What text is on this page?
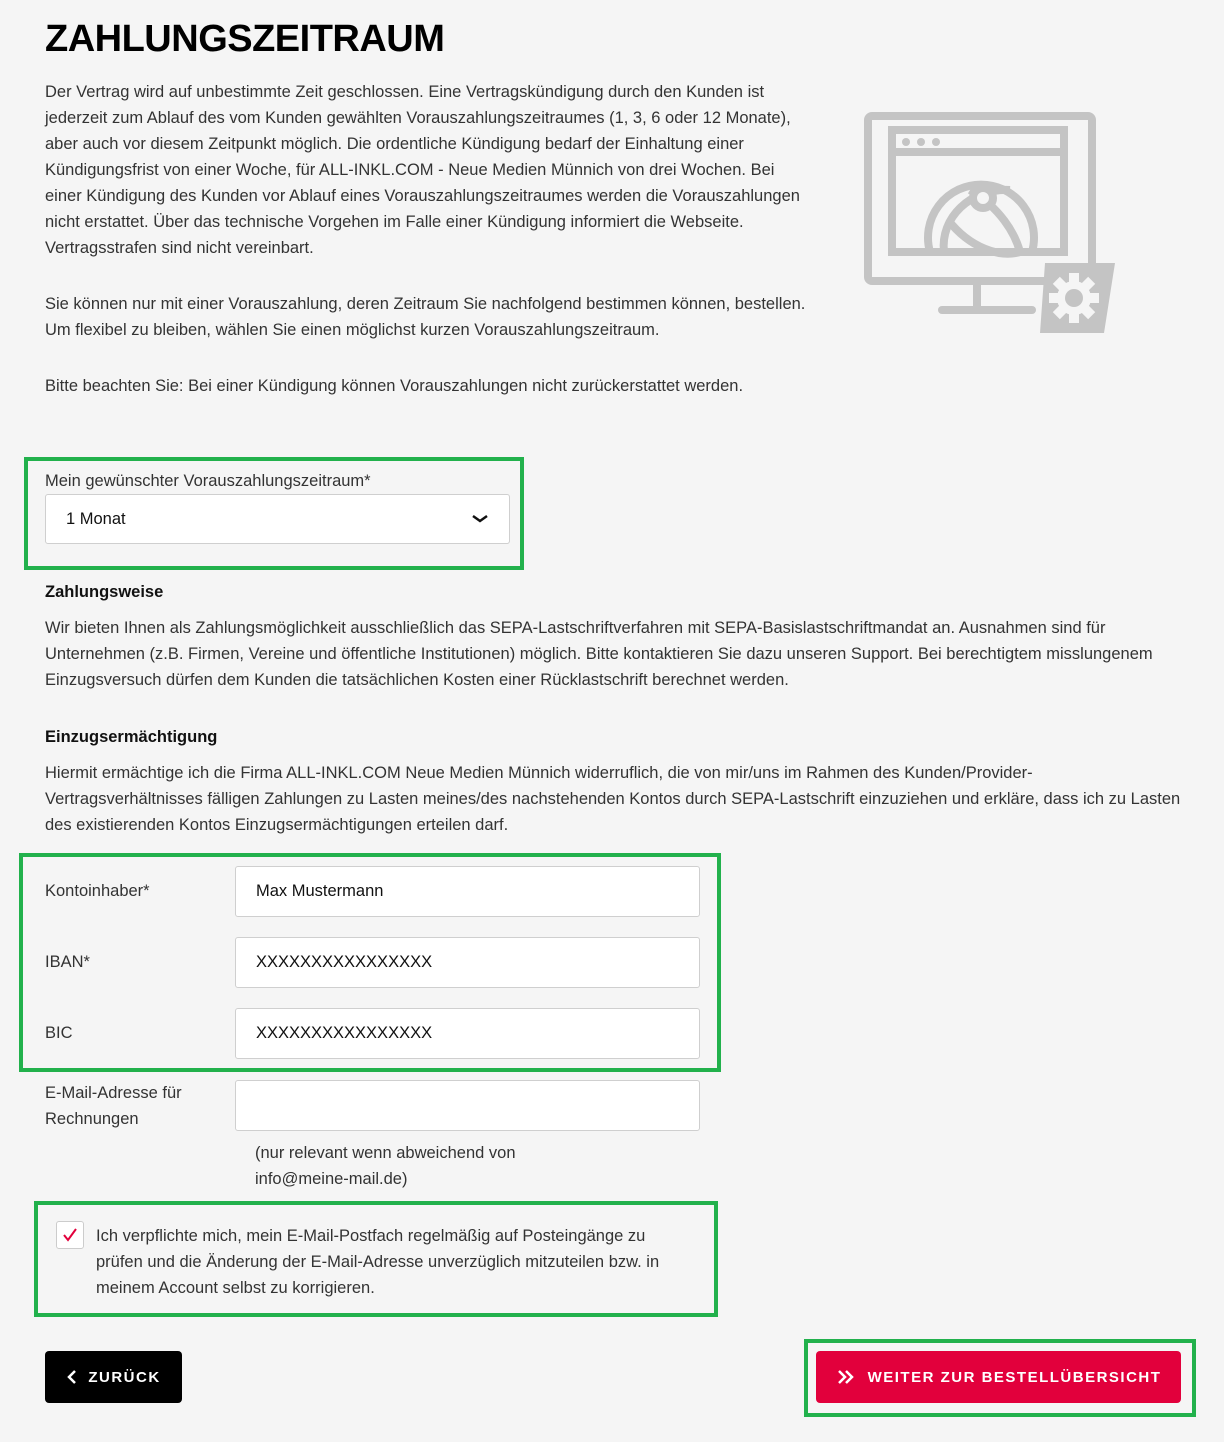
ZAHLUNGSZEITRAUM

Der Vertrag wird auf unbestimmte Zeit geschlossen. Eine Vertragskündigung durch den Kunden ist jederzeit zum Ablauf des vom Kunden gewählten Vorauszahlungszeitraumes (1, 3, 6 oder 12 Monate), aber auch vor diesem Zeitpunkt möglich. Die ordentliche Kündigung bedarf der Einhaltung einer Kündigungsfrist von einer Woche, für ALL-INKL.COM - Neue Medien Münnich von drei Wochen. Bei einer Kündigung des Kunden vor Ablauf eines Vorauszahlungszeitraumes werden die Vorauszahlungen nicht erstattet. Über das technische Vorgehen im Falle einer Kündigung informiert die Webseite. Vertragsstrafen sind nicht vereinbart.

Sie können nur mit einer Vorauszahlung, deren Zeitraum Sie nachfolgend bestimmen können, bestellen. Um flexibel zu bleiben, wählen Sie einen möglichst kurzen Vorauszahlungszeitraum.

Bitte beachten Sie: Bei einer Kündigung können Vorauszahlungen nicht zurückerstattet werden.

Mein gewünschter Vorauszahlungszeitraum*
1 Monat
Zahlungsweise

Wir bieten Ihnen als Zahlungsmöglichkeit ausschließlich das SEPA-Lastschriftverfahren mit SEPA-Basislastschriftmandat an. Ausnahmen sind für Unternehmen (z.B. Firmen, Vereine und öffentliche Institutionen) möglich. Bitte kontaktieren Sie dazu unseren Support. Bei berechtigtem misslungenem Einzugsversuch dürfen dem Kunden die tatsächlichen Kosten einer Rücklastschrift berechnet werden.

Einzugsermächtigung

Hiermit ermächtige ich die Firma ALL-INKL.COM Neue Medien Münnich widerruflich, die von mir/uns im Rahmen des Kunden/Provider-Vertragsverhältnisses fälligen Zahlungen zu Lasten meines/des nachstehenden Kontos durch SEPA-Lastschrift einzuziehen und erkläre, dass ich zu Lasten des existierenden Kontos Einzugsermächtigungen erteilen darf.

Kontoinhaber*	Max Mustermann
IBAN*	XXXXXXXXXXXXXXXX
BIC	XXXXXXXXXXXXXXXX
E-Mail-Adresse für Rechnungen

(nur relevant wenn abweichend von info@meine-mail.de)

Ich verpflichte mich, mein E-Mail-Postfach regelmäßig auf Posteingänge zu prüfen und die Änderung der E-Mail-Adresse unverzüglich mitzuteilen bzw. in meinem Account selbst zu korrigieren.

ZURÜCK	WEITER ZUR BESTELLÜBERSICHT
